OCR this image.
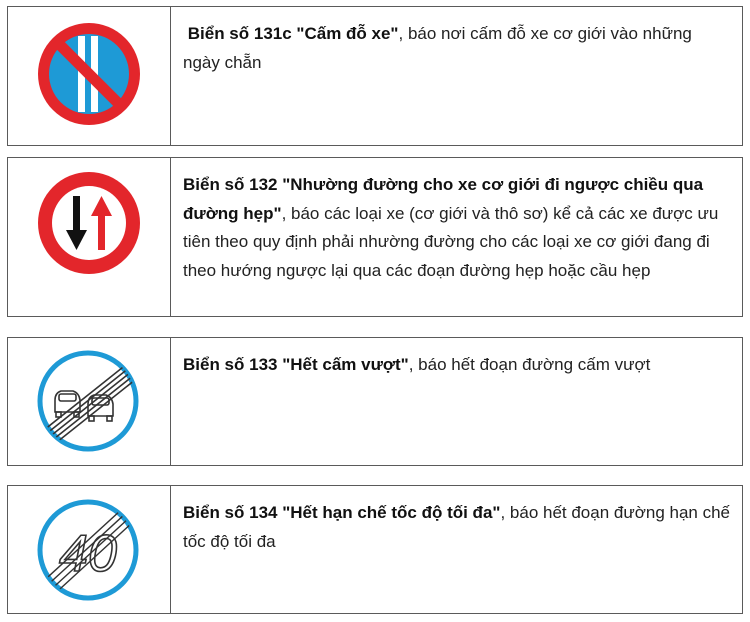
Biển số 131c "Cấm đỗ xe", báo nơi cấm đỗ xe cơ giới vào những ngày chẵn
Biển số 132 "Nhường đường cho xe cơ giới đi ngược chiều qua đường hẹp", báo các loại xe (cơ giới và thô sơ) kể cả các xe được ưu tiên theo quy định phải nhường đường cho các loại xe cơ giới đang đi theo hướng ngược lại qua các đoạn đường hẹp hoặc cầu hẹp
Biển số 133 "Hết cấm vượt", báo hết đoạn đường cấm vượt
40
Biển số 134 "Hết hạn chế tốc độ tối đa", báo hết đoạn đường hạn chế tốc độ tối đa
